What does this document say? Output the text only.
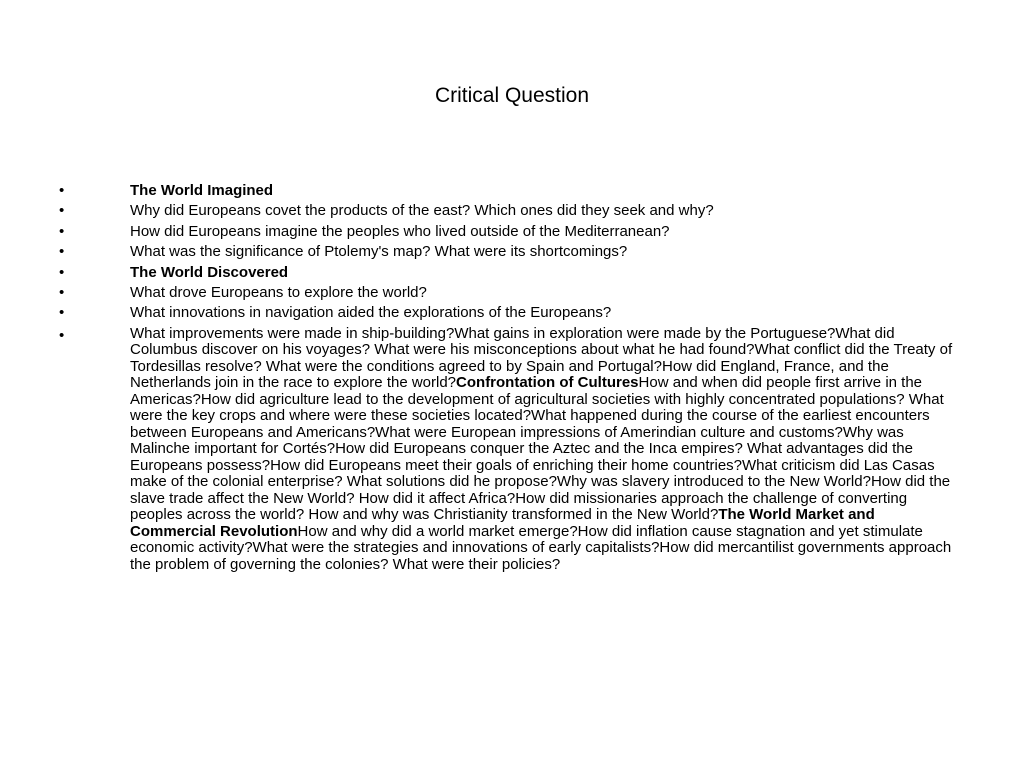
Critical Question
•	The World Imagined
•	Why did Europeans covet the products of the east? Which ones did they seek and why?
•	How did Europeans imagine the peoples who lived outside of the Mediterranean?
•	What was the significance of Ptolemy's map? What were its shortcomings?
•	The World Discovered
•	What drove Europeans to explore the world?
•	What innovations in navigation aided the explorations of the Europeans?
•	What improvements were made in ship-building?What gains in exploration were made by the Portuguese?What did Columbus discover on his voyages? What were his misconceptions about what he had found?What conflict did the Treaty of Tordesillas resolve? What were the conditions agreed to by Spain and Portugal?How did England, France, and the Netherlands join in the race to explore the world?Confrontation of CulturesHow and when did people first arrive in the Americas?How did agriculture lead to the development of agricultural societies with highly concentrated populations? What were the key crops and where were these societies located?What happened during the course of the earliest encounters between Europeans and Americans?What were European impressions of Amerindian culture and customs?Why was Malinche important for Cortés?How did Europeans conquer the Aztec and the Inca empires? What advantages did the Europeans possess?How did Europeans meet their goals of enriching their home countries?What criticism did Las Casas make of the colonial enterprise? What solutions did he propose?Why was slavery introduced to the New World?How did the slave trade affect the New World? How did it affect Africa?How did missionaries approach the challenge of converting peoples across the world? How and why was Christianity transformed in the New World?The World Market and Commercial RevolutionHow and why did a world market emerge?How did inflation cause stagnation and yet stimulate economic activity?What were the strategies and innovations of early capitalists?How did mercantilist governments approach the problem of governing the colonies? What were their policies?
